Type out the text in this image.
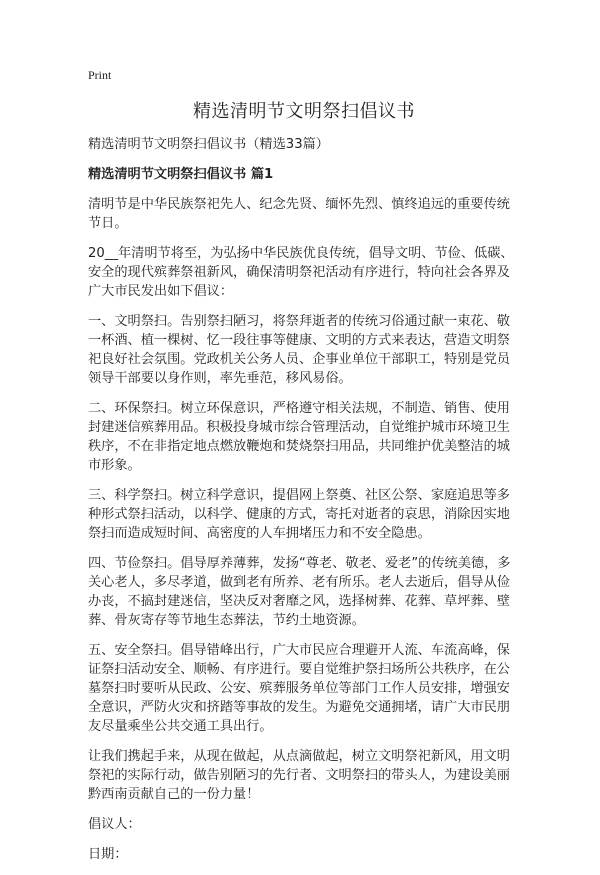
Print
精选清明节文明祭扫倡议书

精选清明节文明祭扫倡议书（精选33篇）

精选清明节文明祭扫倡议书 篇1

清明节是中华民族祭祀先人、纪念先贤、缅怀先烈、慎终追远的重要传统节日。

20__年清明节将至，为弘扬中华民族优良传统，倡导文明、节俭、低碳、安全的现代殡葬祭祖新风，确保清明祭祀活动有序进行，特向社会各界及广大市民发出如下倡议：

一、文明祭扫。告别祭扫陋习，将祭拜逝者的传统习俗通过献一束花、敬一杯酒、植一棵树、忆一段往事等健康、文明的方式来表达，营造文明祭祀良好社会氛围。党政机关公务人员、企事业单位干部职工，特别是党员领导干部要以身作则，率先垂范，移风易俗。

二、环保祭扫。树立环保意识，严格遵守相关法规，不制造、销售、使用封建迷信殡葬用品。积极投身城市综合管理活动，自觉维护城市环境卫生秩序，不在非指定地点燃放鞭炮和焚烧祭扫用品，共同维护优美整洁的城市形象。

三、科学祭扫。树立科学意识，提倡网上祭奠、社区公祭、家庭追思等多种形式祭扫活动，以科学、健康的方式，寄托对逝者的哀思，消除因实地祭扫而造成短时间、高密度的人车拥堵压力和不安全隐患。

四、节俭祭扫。倡导厚养薄葬，发扬“尊老、敬老、爱老”的传统美德，多关心老人，多尽孝道，做到老有所养、老有所乐。老人去逝后，倡导从俭办丧，不搞封建迷信，坚决反对奢靡之风，选择树葬、花葬、草坪葬、壁葬、骨灰寄存等节地生态葬法，节约土地资源。

五、安全祭扫。倡导错峰出行，广大市民应合理避开人流、车流高峰，保证祭扫活动安全、顺畅、有序进行。要自觉维护祭扫场所公共秩序，在公墓祭扫时要听从民政、公安、殡葬服务单位等部门工作人员安排，增强安全意识，严防火灾和挤踏等事故的发生。为避免交通拥堵，请广大市民朋友尽量乘坐公共交通工具出行。

让我们携起手来，从现在做起，从点滴做起，树立文明祭祀新风，用文明祭祀的实际行动，做告别陋习的先行者、文明祭扫的带头人，为建设美丽黔西南贡献自己的一份力量！

倡议人：

日期：
